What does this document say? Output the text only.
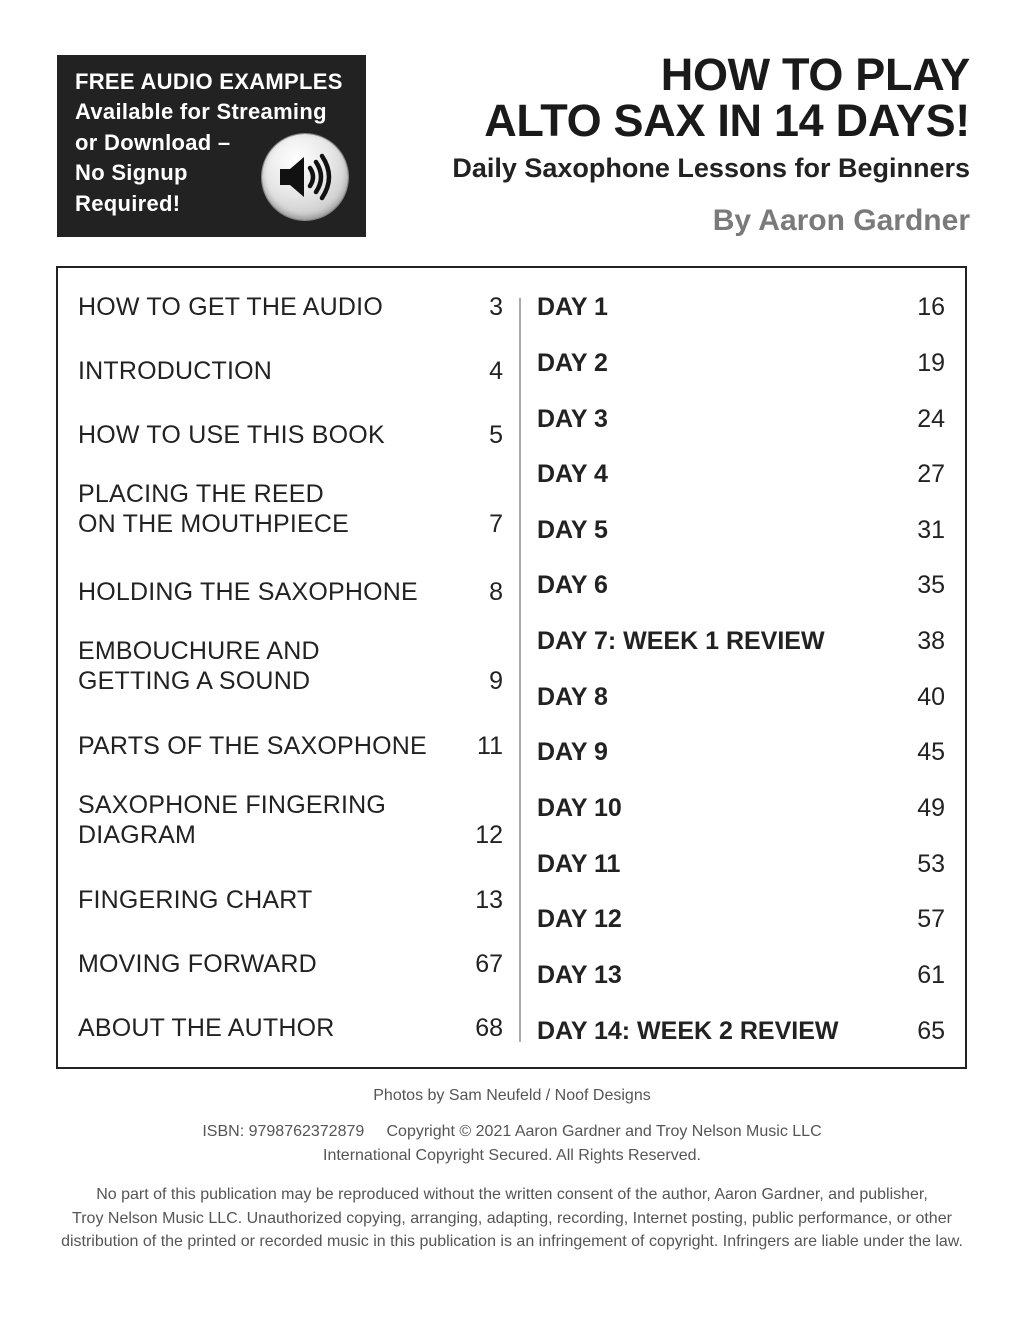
FREE AUDIO EXAMPLES
Available for Streaming
or Download –
No Signup
Required!
HOW TO PLAY
ALTO SAX IN 14 DAYS!
Daily Saxophone Lessons for Beginners
By Aaron Gardner
HOW TO GET THE AUDIO	3
INTRODUCTION	4
HOW TO USE THIS BOOK	5
PLACING THE REED
ON THE MOUTHPIECE	7
HOLDING THE SAXOPHONE	8
EMBOUCHURE AND
GETTING A SOUND	9
PARTS OF THE SAXOPHONE 11
SAXOPHONE FINGERING
DIAGRAM	12
FINGERING CHART	13
MOVING FORWARD	67
ABOUT THE AUTHOR	68
DAY 1	16
DAY 2	19
DAY 3	24
DAY 4	27
DAY 5	31
DAY 6	35
DAY 7: WEEK 1 REVIEW	38
DAY 8	40
DAY 9	45
DAY 10	49
DAY 11	53
DAY 12	57
DAY 13	61
DAY 14: WEEK 2 REVIEW	65
Photos by Sam Neufeld / Noof Designs
ISBN: 9798762372879     Copyright © 2021 Aaron Gardner and Troy Nelson Music LLC
International Copyright Secured. All Rights Reserved.
No part of this publication may be reproduced without the written consent of the author, Aaron Gardner, and publisher,
Troy Nelson Music LLC. Unauthorized copying, arranging, adapting, recording, Internet posting, public performance, or other
distribution of the printed or recorded music in this publication is an infringement of copyright. Infringers are liable under the law.
